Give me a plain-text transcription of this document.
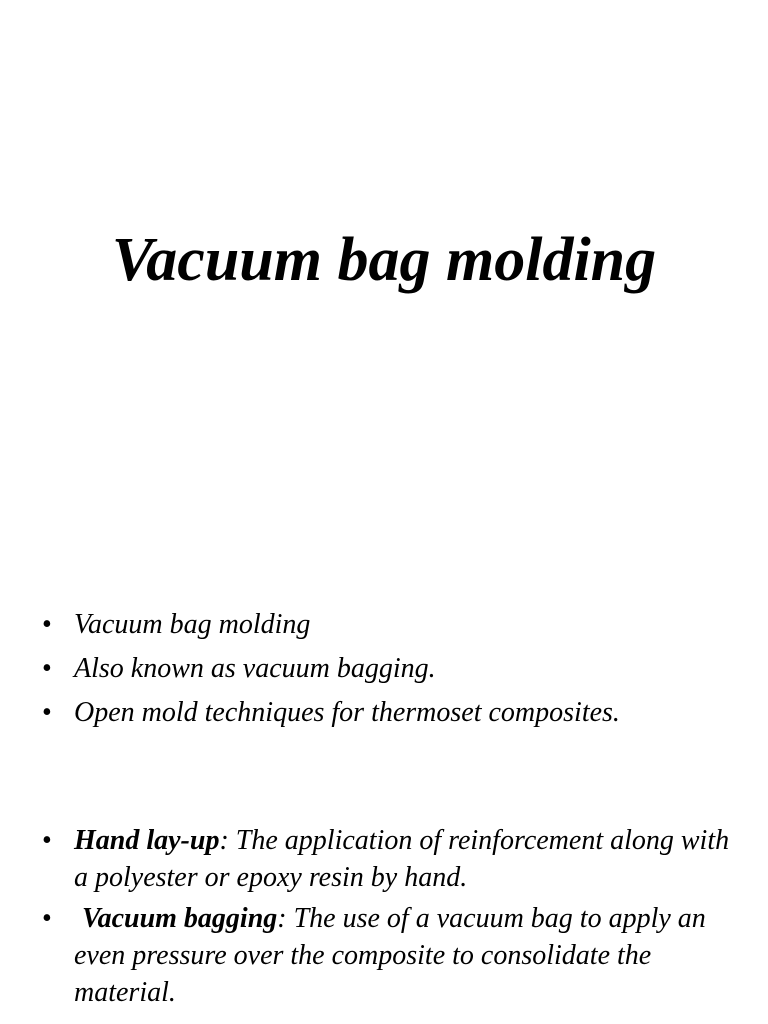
Vacuum bag molding
• Vacuum bag molding
• Also known as vacuum bagging.
• Open mold techniques for thermoset composites.
• Hand lay-up: The application of reinforcement along with a polyester or epoxy resin by hand.
• Vacuum bagging: The use of a vacuum bag to apply an even pressure over the composite to consolidate the material.
